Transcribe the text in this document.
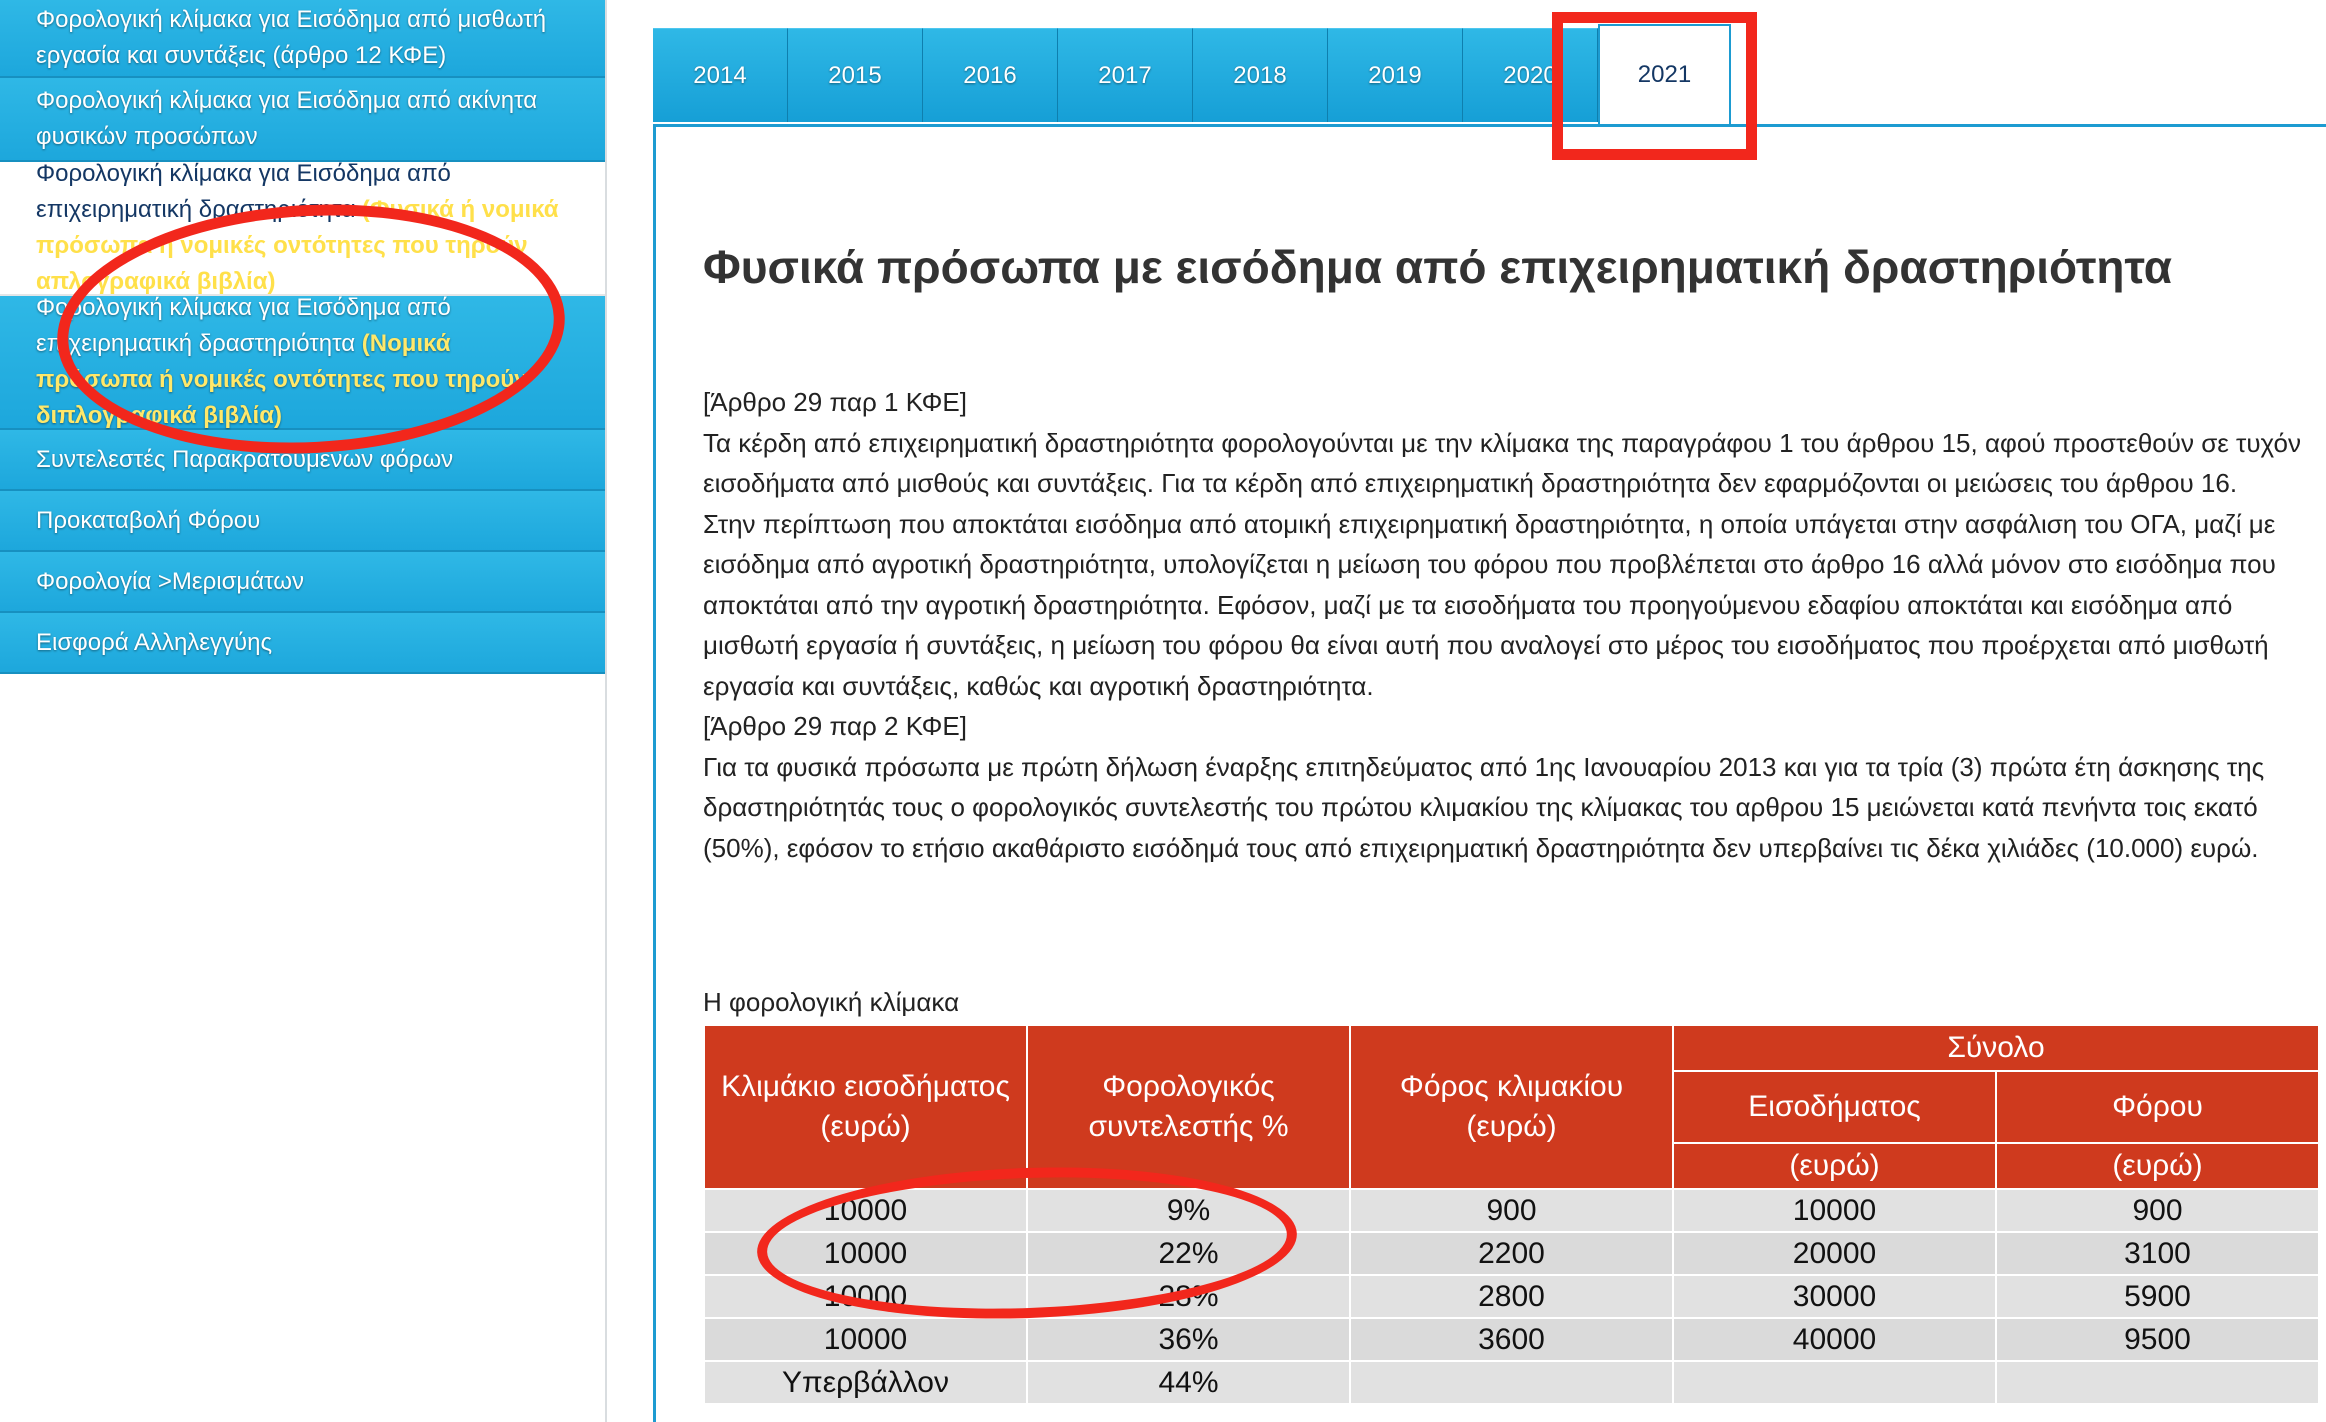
Φορολογική κλίμακα για Εισόδημα από μισθωτή εργασία και συντάξεις (άρθρο 12 ΚΦΕ)
Φορολογική κλίμακα για Εισόδημα από ακίνητα φυσικών προσώπων
Φορολογική κλίμακα για Εισόδημα από επιχειρηματική δραστηριότητα (Φυσικά ή νομικά πρόσωπα ή νομικές οντότητες που τηρούν απλογραφικά βιβλία)
Φορολογική κλίμακα για Εισόδημα από επιχειρηματική δραστηριότητα (Νομικά πρόσωπα ή νομικές οντότητες που τηρούν διπλογραφικά βιβλία)
Συντελεστές Παρακρατούμενων φόρων
Προκαταβολή Φόρου
Φορολογία >Μερισμάτων
Εισφορά Αλληλεγγύης
2014	2015	2016	2017	2018	2019	2020	2021
Φυσικά πρόσωπα με εισόδημα από επιχειρηματική δραστηριότητα

[Άρθρο 29 παρ 1 ΚΦΕ]

Τα κέρδη από επιχειρηματική δραστηριότητα φορολογούνται με την κλίμακα της παραγράφου 1 του άρθρου 15, αφού προστεθούν σε τυχόν εισοδήματα από μισθούς και συντάξεις. Για τα κέρδη από επιχειρηματική δραστηριότητα δεν εφαρμόζονται οι μειώσεις του άρθρου 16.

Στην περίπτωση που αποκτάται εισόδημα από ατομική επιχειρηματική δραστηριότητα, η οποία υπάγεται στην ασφάλιση του ΟΓΑ, μαζί με εισόδημα από αγροτική δραστηριότητα, υπολογίζεται η μείωση του φόρου που προβλέπεται στο άρθρο 16 αλλά μόνον στο εισόδημα που αποκτάται από την αγροτική δραστηριότητα. Εφόσον, μαζί με τα εισοδήματα του προηγούμενου εδαφίου αποκτάται και εισόδημα από μισθωτή εργασία ή συντάξεις, η μείωση του φόρου θα είναι αυτή που αναλογεί στο μέρος του εισοδήματος που προέρχεται από μισθωτή εργασία και συντάξεις, καθώς και αγροτική δραστηριότητα.

[Άρθρο 29 παρ 2 ΚΦΕ]

Για τα φυσικά πρόσωπα με πρώτη δήλωση έναρξης επιτηδεύματος από 1ης Ιανουαρίου 2013 και για τα τρία (3) πρώτα έτη άσκησης της δραστηριότητάς τους ο φορολογικός συντελεστής του πρώτου κλιμακίου της κλίμακας του αρθρου 15 μειώνεται κατά πενήντα τοις εκατό (50%), εφόσον το ετήσιο ακαθάριστο εισόδημά τους από επιχειρηματική δραστηριότητα δεν υπερβαίνει τις δέκα χιλιάδες (10.000) ευρώ.

Η φορολογική κλίμακα
Κλιμάκιο εισοδήματος (ευρώ)	Φορολογικός συντελεστής %	Φόρος κλιμακίου (ευρώ)	Σύνολο	
			Εισοδήματος	Φόρου
			(ευρώ)	(ευρώ)
10000	9%	900	10000	900
10000	22%	2200	20000	3100
10000	28%	2800	30000	5900
10000	36%	3600	40000	9500
Υπερβάλλον	44%			
